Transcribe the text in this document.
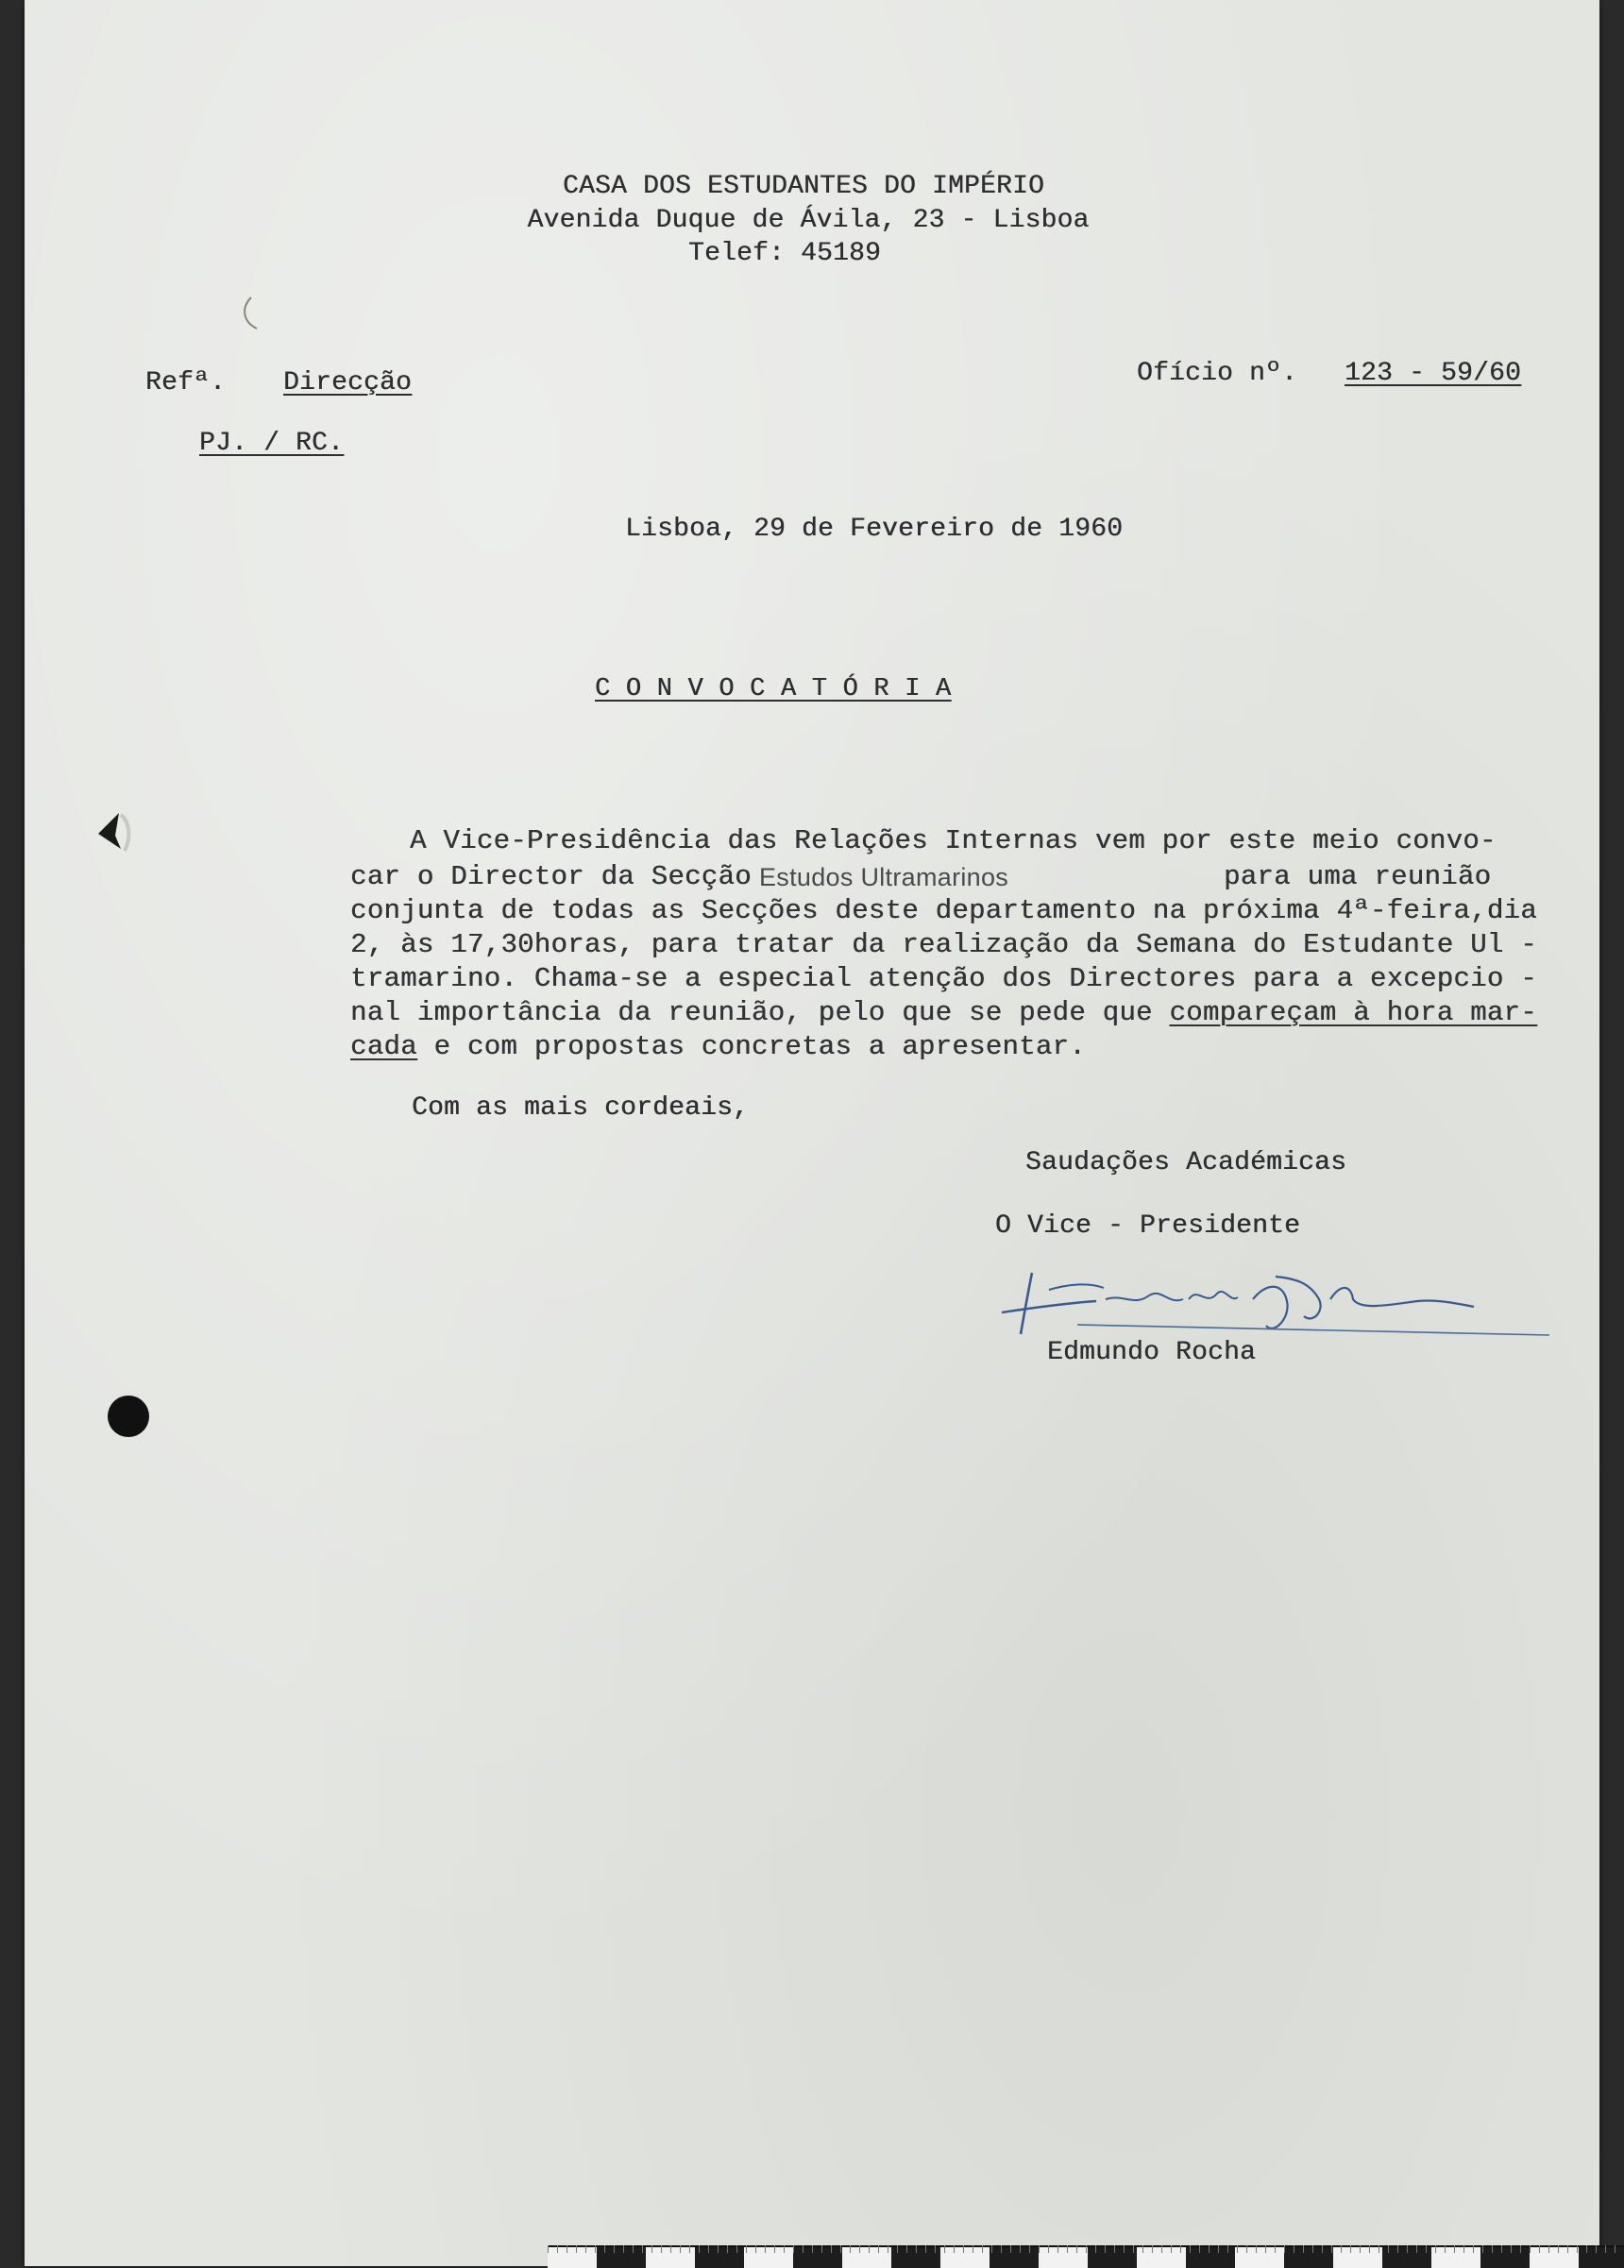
CASA DOS ESTUDANTES DO IMPÉRIO
Avenida Duque de Ávila, 23 - Lisboa
Telef: 45189
Refª. Direcção
PJ. / RC.
Ofício nº. 123 - 59/60
Lisboa, 29 de Fevereiro de 1960
C O N V O C A T Ó R I A
A Vice-Presidência das Relações Internas vem por este meio convo-
car o Director da Secção
Estudos Ultramarinos	para uma reunião
conjunta de todas as Secções deste departamento na próxima 4ª-feira,dia
2, às 17,30horas, para tratar da realização da Semana do Estudante Ul -
tramarino. Chama-se a especial atenção dos Directores para a excepcio -
nal importância da reunião, pelo que se pede que compareçam à hora mar-
cada e com propostas concretas a apresentar.
Com as mais cordeais,
Saudações Académicas
O Vice - Presidente
Edmundo Rocha
